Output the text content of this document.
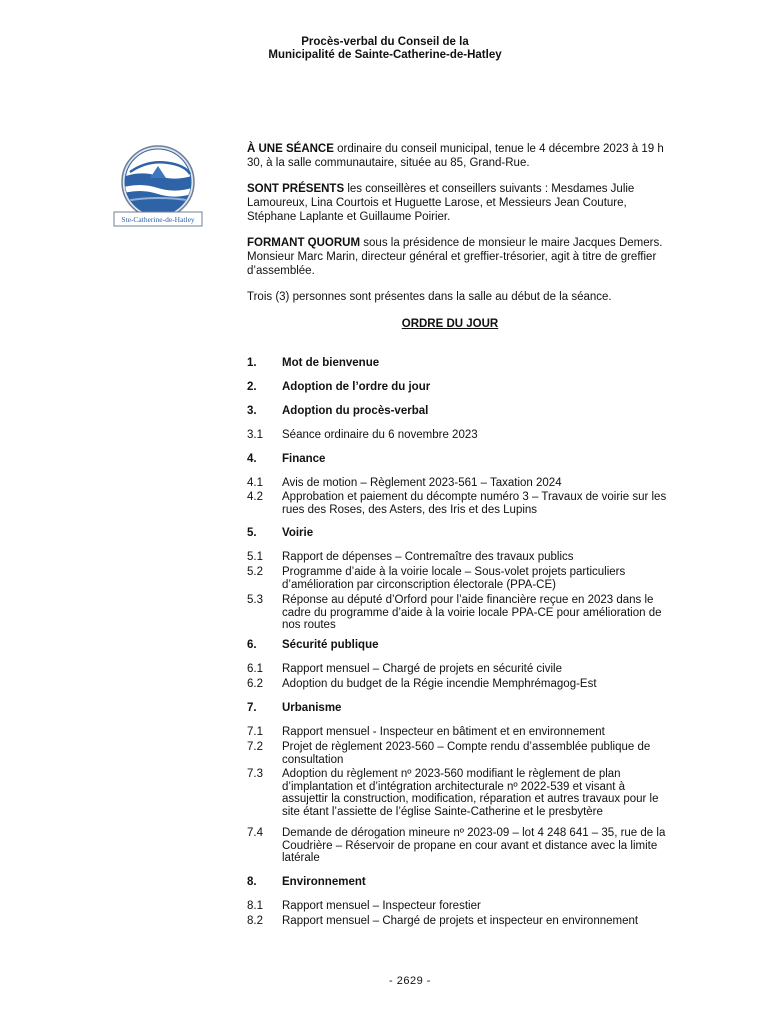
Procès-verbal du Conseil de la
Municipalité de Sainte-Catherine-de-Hatley
Ste-Catherine-de-Hatley

À UNE SÉANCE ordinaire du conseil municipal, tenue le 4 décembre 2023 à 19 h 30, à la salle communautaire, située au 85, Grand-Rue.

SONT PRÉSENTS les conseillères et conseillers suivants : Mesdames Julie Lamoureux, Lina Courtois et Huguette Larose, et Messieurs Jean Couture, Stéphane Laplante et Guillaume Poirier.

FORMANT QUORUM sous la présidence de monsieur le maire Jacques Demers. Monsieur Marc Marin, directeur général et greffier-trésorier, agit à titre de greffier d’assemblée.

Trois (3) personnes sont présentes dans la salle au début de la séance.

ORDRE DU JOUR
1.	Mot de bienvenue
2.	Adoption de l’ordre du jour
3.	Adoption du procès-verbal
3.1	Séance ordinaire du 6 novembre 2023
4.	Finance
4.1	Avis de motion – Règlement 2023-561 – Taxation 2024
4.2	Approbation et paiement du décompte numéro 3 – Travaux de voirie sur les rues des Roses, des Asters, des Iris et des Lupins
5.	Voirie
5.1	Rapport de dépenses – Contremaître des travaux publics
5.2	Programme d’aide à la voirie locale – Sous-volet projets particuliers d’amélioration par circonscription électorale (PPA-CE)
5.3	Réponse au député d’Orford pour l’aide financière reçue en 2023 dans le cadre du programme d’aide à la voirie locale PPA-CE pour amélioration de nos routes
6.	Sécurité publique
6.1	Rapport mensuel – Chargé de projets en sécurité civile
6.2	Adoption du budget de la Régie incendie Memphrémagog-Est
7.	Urbanisme
7.1	Rapport mensuel - Inspecteur en bâtiment et en environnement
7.2	Projet de règlement 2023-560 – Compte rendu d’assemblée publique de consultation
7.3	Adoption du règlement nº 2023-560 modifiant le règlement de plan d’implantation et d’intégration architecturale nº 2022-539 et visant à assujettir la construction, modification, réparation et autres travaux pour le site étant l’assiette de l’église Sainte-Catherine et le presbytère
7.4	Demande de dérogation mineure nº 2023-09 – lot 4 248 641 – 35, rue de la Coudrière – Réservoir de propane en cour avant et distance avec la limite latérale
8.	Environnement
8.1	Rapport mensuel – Inspecteur forestier
8.2	Rapport mensuel – Chargé de projets et inspecteur en environnement
- 2629 -
